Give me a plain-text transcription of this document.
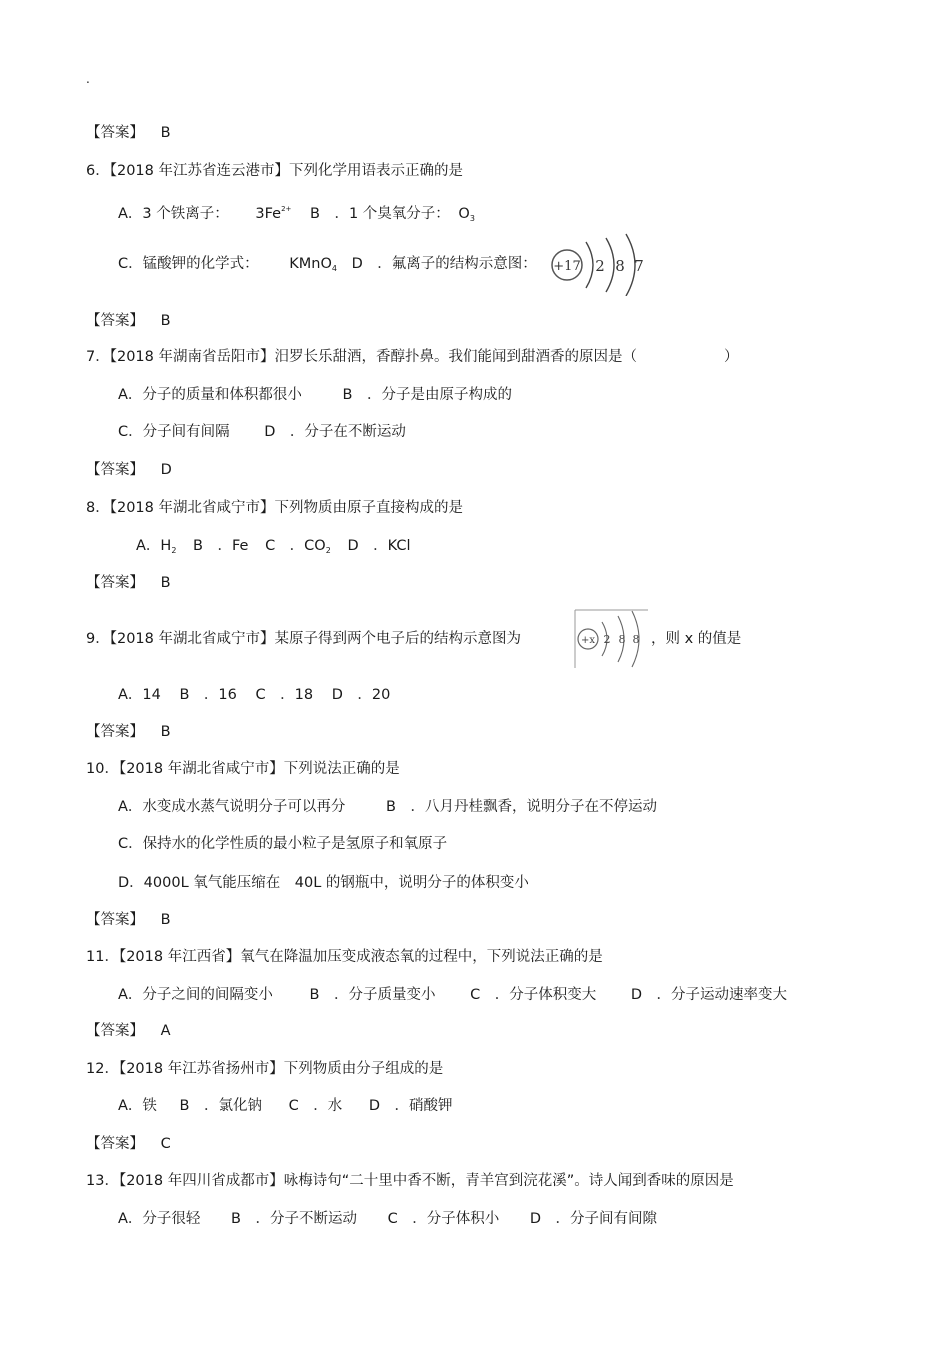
.
【答案】 B
6．【2018 年江苏省连云港市】下列化学用语表示正确的是
A．3 个铁离子： $3Fe^{2+}$ B　．1 个臭氧分子： $O_3$
C．锰酸钾的化学式： KMnO$_4$ D　．氟离子的结构示意图： +17 2 8 7
【答案】 B
7．【2018 年湖南省岳阳市】汨罗长乐甜酒，香醇扑鼻。我们能闻到甜酒香的原因是（　　　　　　）
A．分子的质量和体积都很小	B　．分子是由原子构成的
C．分子间有间隔 D　．分子在不断运动
【答案】 D
8．【2018 年湖北省咸宁市】下列物质由原子直接构成的是
A．$H_2$ B　．Fe C　．$CO_2$ D　．KCl
【答案】 B
9．【2018 年湖北省咸宁市】某原子得到两个电子后的结构示意图为	+x 2 8 8 ，则 x 的值是
A．14 B　．16 C　．18 D　．20
【答案】 B
10．【2018 年湖北省咸宁市】下列说法正确的是
A．水变成水蒸气说明分子可以再分	B　．八月丹桂飘香，说明分子在不停运动
C．保持水的化学性质的最小粒子是氢原子和氧原子
D．4000L 氧气能压缩在　40L 的钢瓶中，说明分子的体积变小
【答案】 B
11．【2018 年江西省】氧气在降温加压变成液态氧的过程中，下列说法正确的是
A．分子之间的间隔变小	B　．分子质量变小 C　．分子体积变大 D　．分子运动速率变大
【答案】 A
12．【2018 年江苏省扬州市】下列物质由分子组成的是
A．铁 B　．氯化钠 C　．水 D　．硝酸钾
【答案】 C
13．【2018 年四川省成都市】咏梅诗句“二十里中香不断，青羊宫到浣花溪”。诗人闻到香味的原因是
A．分子很轻 B　．分子不断运动 C　．分子体积小 D　．分子间有间隙
